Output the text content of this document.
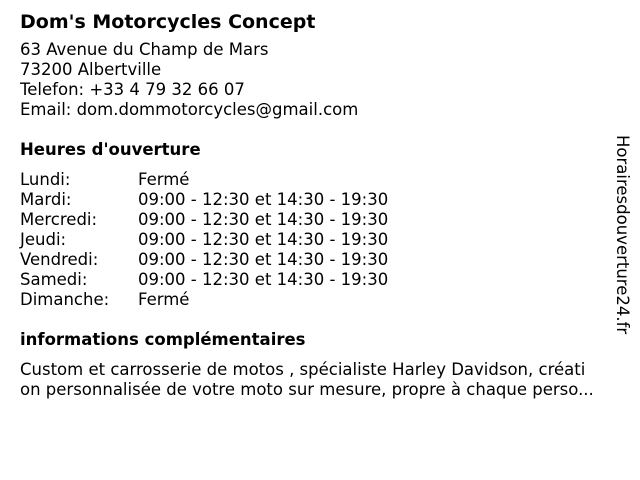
Dom's Motorcycles Concept
63 Avenue du Champ de Mars
73200 Albertville
Telefon: +33 4 79 32 66 07
Email: dom.dommotorcycles@gmail.com
Heures d'ouverture
Lundi:	Fermé
Mardi:	09:00 - 12:30 et 14:30 - 19:30
Mercredi:	09:00 - 12:30 et 14:30 - 19:30
Jeudi:	09:00 - 12:30 et 14:30 - 19:30
Vendredi:	09:00 - 12:30 et 14:30 - 19:30
Samedi:	09:00 - 12:30 et 14:30 - 19:30
Dimanche:	Fermé
informations complémentaires
Custom et carrosserie de motos , spécialiste Harley Davidson, créati
on personnalisée de votre moto sur mesure, propre à chaque perso...
Horairesdouverture24.fr
